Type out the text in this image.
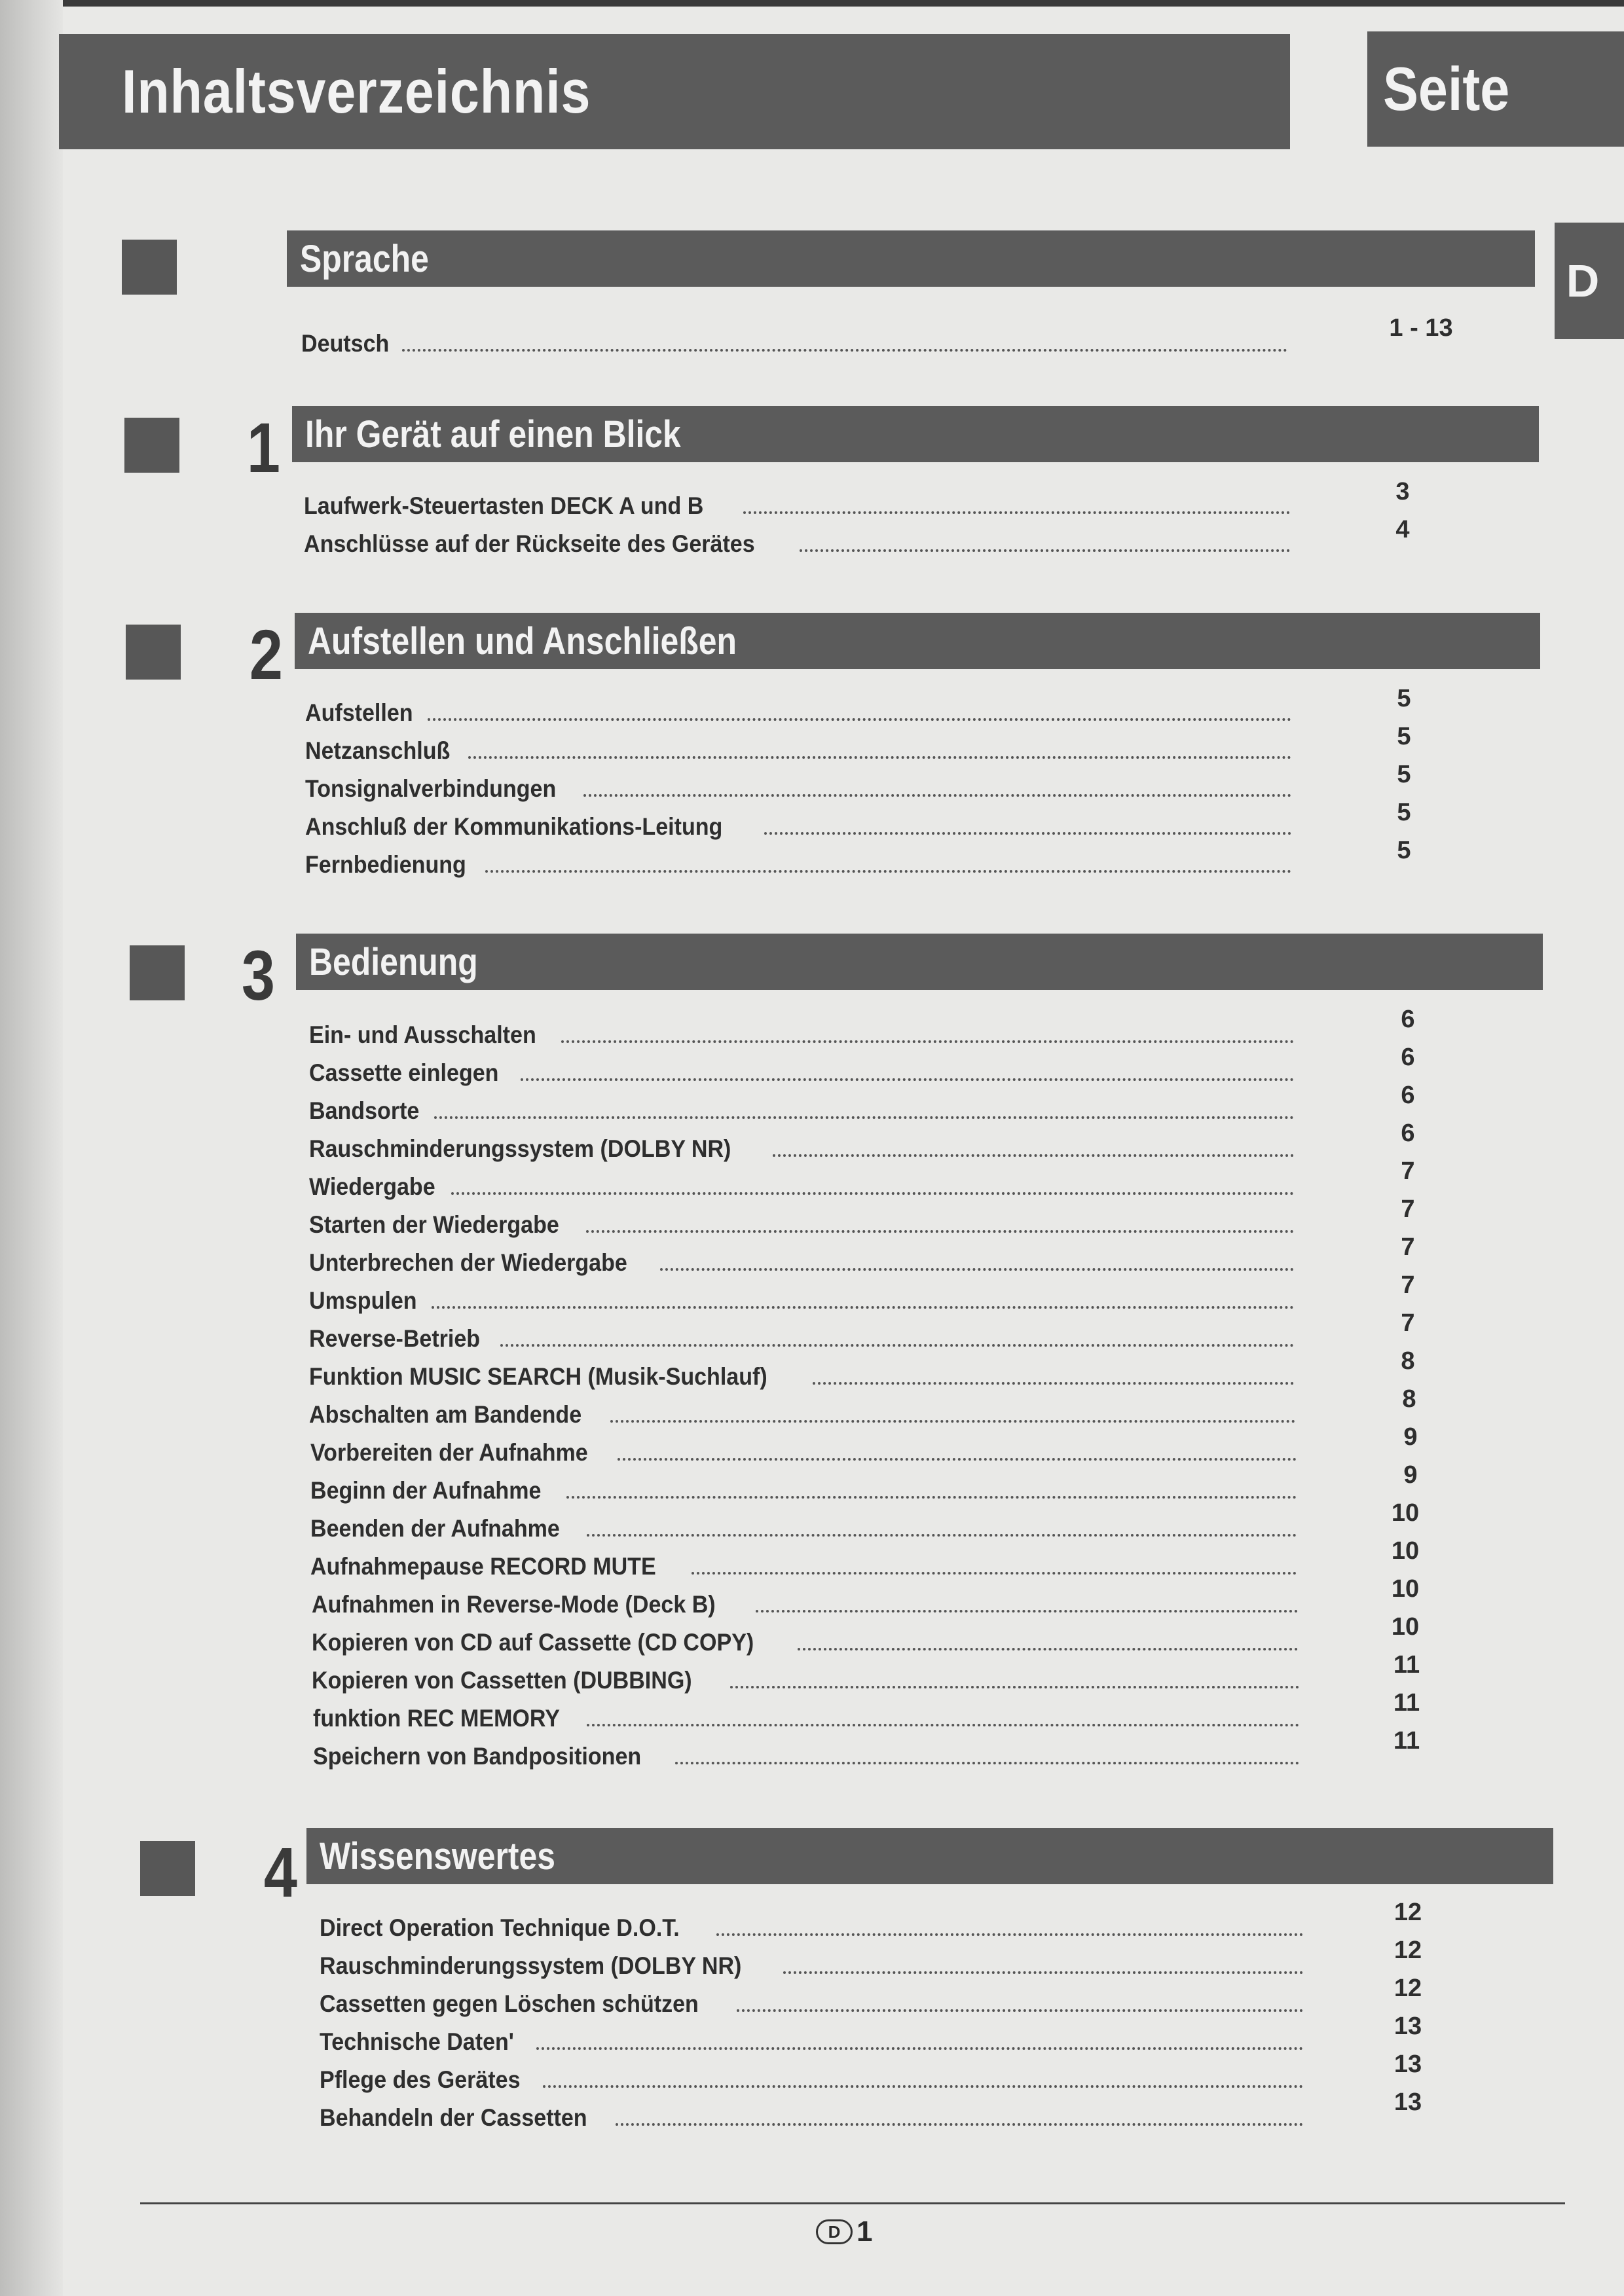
Inhaltsverzeichnis	Seite
D
Sprache
Deutsch
1 - 13
1 Ihr Gerät auf einen Blick
Laufwerk-Steuertasten DECK A und B
3
Anschlüsse auf der Rückseite des Gerätes
4
2 Aufstellen und Anschließen
Aufstellen
5
Netzanschluß
5
Tonsignalverbindungen
5
Anschluß der Kommunikations-Leitung
5
Fernbedienung
5
3 Bedienung
Ein- und Ausschalten
6
Cassette einlegen
6
Bandsorte
6
Rauschminderungssystem (DOLBY NR)
6
Wiedergabe
7
Starten der Wiedergabe
7
Unterbrechen der Wiedergabe
7
Umspulen
7
Reverse-Betrieb
7
Funktion MUSIC SEARCH (Musik-Suchlauf)
8
Abschalten am Bandende
8
Vorbereiten der Aufnahme
9
Beginn der Aufnahme
9
Beenden der Aufnahme
10
Aufnahmepause RECORD MUTE
10
Aufnahmen in Reverse-Mode (Deck B)
10
Kopieren von CD auf Cassette (CD COPY)
10
Kopieren von Cassetten (DUBBING)
11
funktion REC MEMORY
11
Speichern von Bandpositionen
11
4 Wissenswertes
Direct Operation Technique D.O.T.
12
Rauschminderungssystem (DOLBY NR)
12
Cassetten gegen Löschen schützen
12
Technische Daten'
13
Pflege des Gerätes
13
Behandeln der Cassetten
13
D 1
